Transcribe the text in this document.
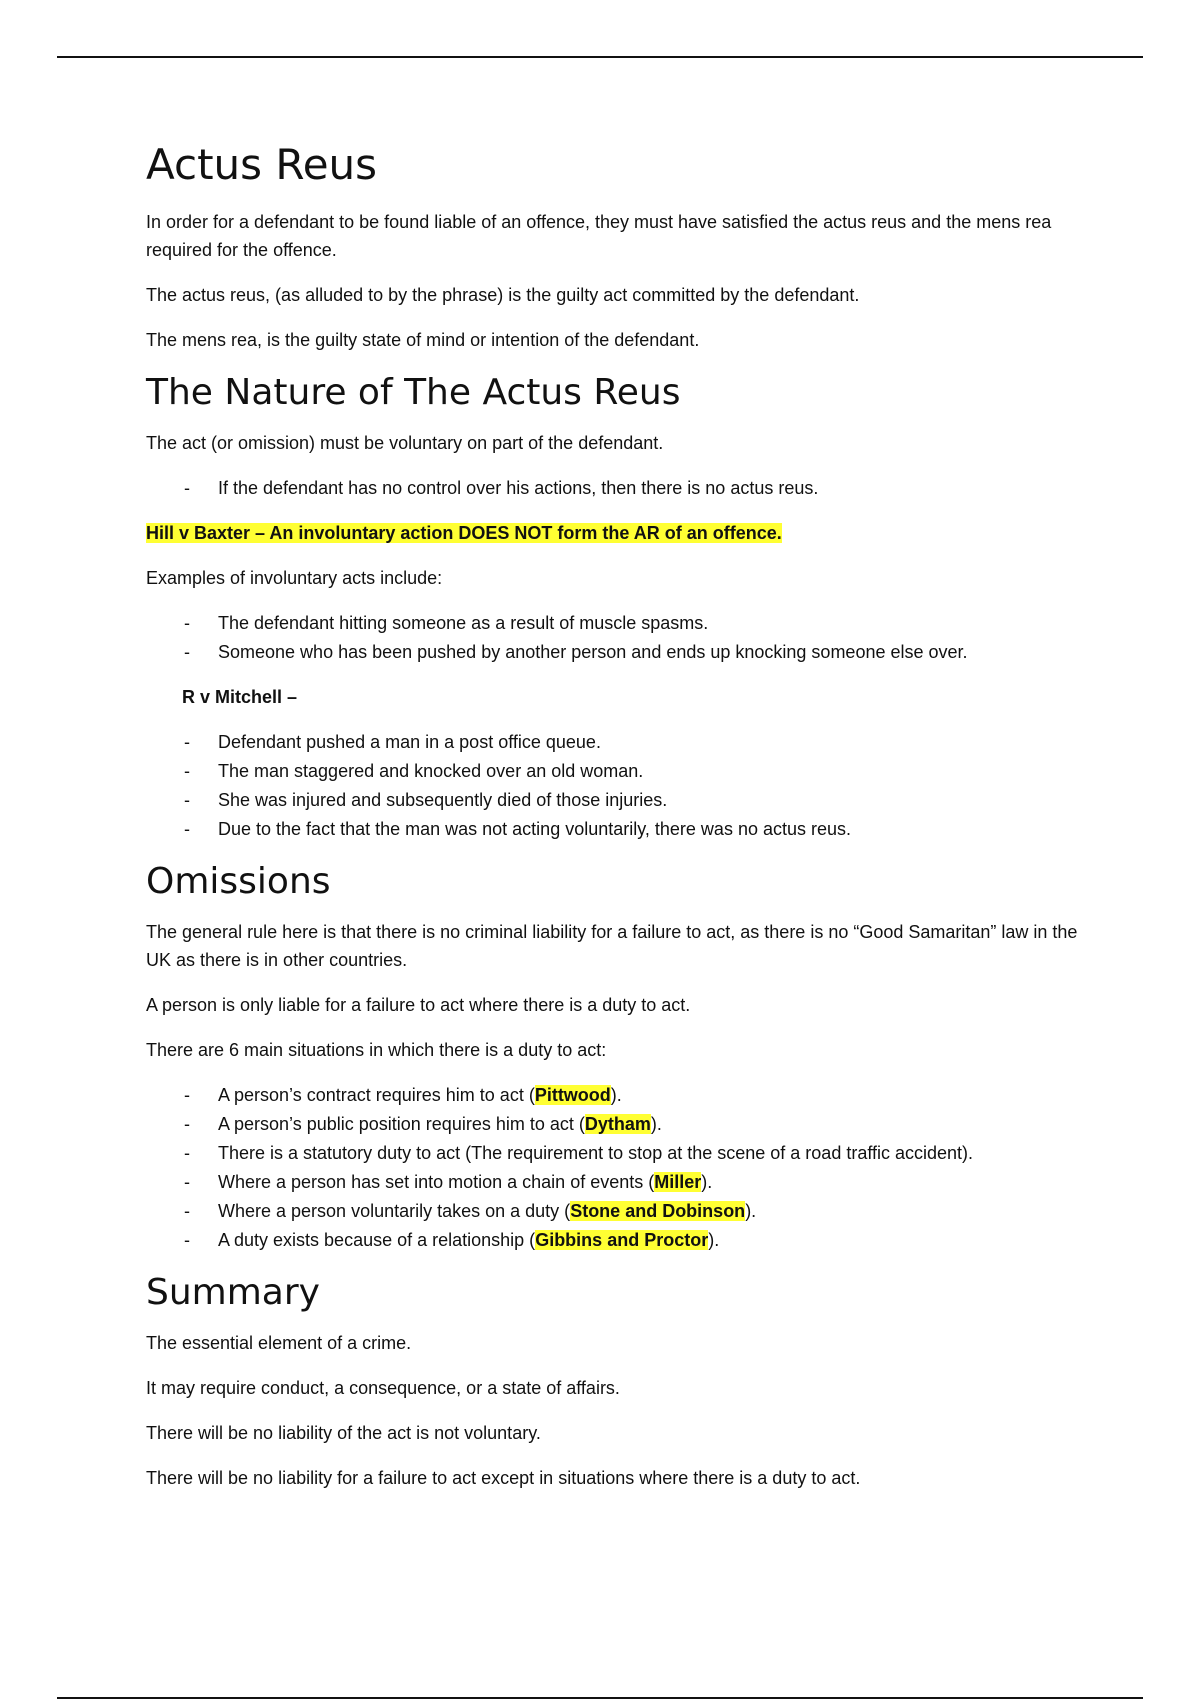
Actus Reus

In order for a defendant to be found liable of an offence, they must have satisfied the actus reus and the mens rea required for the offence.

The actus reus, (as alluded to by the phrase) is the guilty act committed by the defendant.

The mens rea, is the guilty state of mind or intention of the defendant.

The Nature of The Actus Reus

The act (or omission) must be voluntary on part of the defendant.

- If the defendant has no control over his actions, then there is no actus reus.

Hill v Baxter – An involuntary action DOES NOT form the AR of an offence.

Examples of involuntary acts include:

- The defendant hitting someone as a result of muscle spasms.
- Someone who has been pushed by another person and ends up knocking someone else over.

R v Mitchell –

- Defendant pushed a man in a post office queue.
- The man staggered and knocked over an old woman.
- She was injured and subsequently died of those injuries.
- Due to the fact that the man was not acting voluntarily, there was no actus reus.
Omissions

The general rule here is that there is no criminal liability for a failure to act, as there is no “Good Samaritan” law in the UK as there is in other countries.

A person is only liable for a failure to act where there is a duty to act.

There are 6 main situations in which there is a duty to act:

- A person’s contract requires him to act (Pittwood).
- A person’s public position requires him to act (Dytham).
- There is a statutory duty to act (The requirement to stop at the scene of a road traffic accident).
- Where a person has set into motion a chain of events (Miller).
- Where a person voluntarily takes on a duty (Stone and Dobinson).
- A duty exists because of a relationship (Gibbins and Proctor).
Summary

The essential element of a crime.

It may require conduct, a consequence, or a state of affairs.

There will be no liability of the act is not voluntary.

There will be no liability for a failure to act except in situations where there is a duty to act.
